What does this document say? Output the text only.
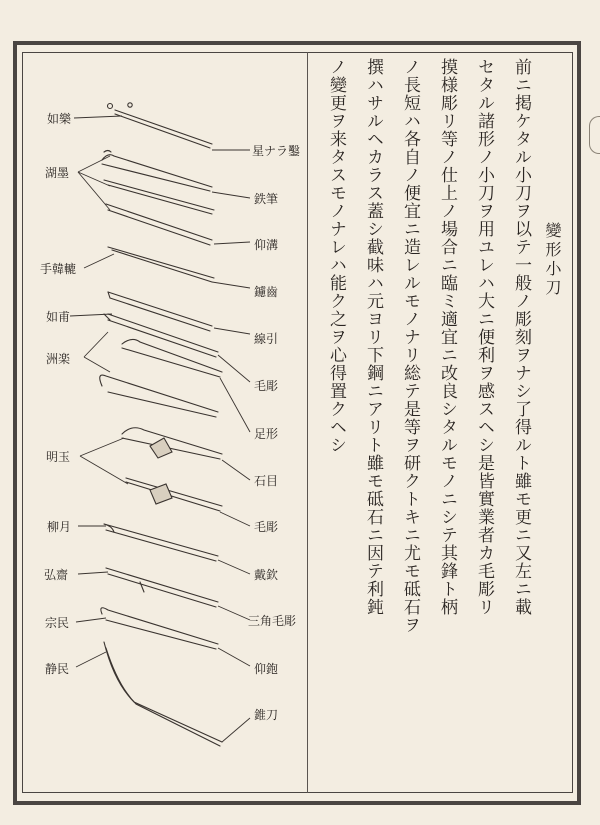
變形小刀
前ニ掲ケタル小刀ヲ以テ一般ノ彫刻ヲナシ了得ルト雖モ更ニ又左ニ載
セタル諸形ノ小刀ヲ用ユレハ大ニ便利ヲ感スヘシ是皆實業者カ毛彫リ
摸様彫リ等ノ仕上ノ場合ニ臨ミ適宜ニ改良シタルモノニシテ其鋒ト柄
ノ長短ハ各自ノ便宜ニ造レルモノナリ総テ是等ヲ研クトキニ尤モ砥石ヲ
撰ハサルヘカラス蓋シ截味ハ元ヨリ下鋼ニアリト雖モ砥石ニ因テ利鈍
ノ變更ヲ来タスモノナレハ能ク之ヲ心得置クヘシ
如樂
湖墨
手韓轆
如甫
洲楽
明玉
柳月
弘齋
宗民
静民
星ナラ鑿
鉄筆
仰溝
鑢齒
線引
毛彫
足形
石目
毛彫
戴欽
三角毛彫
仰鉋
錐刀
